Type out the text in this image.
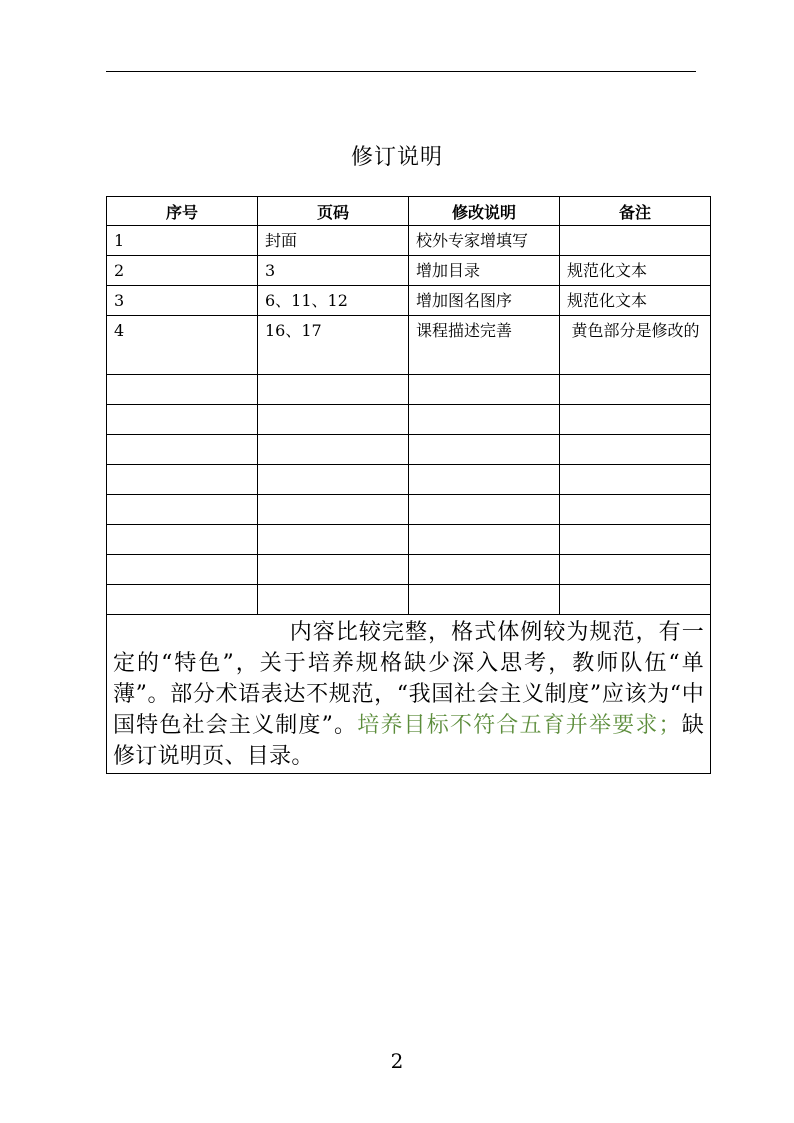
修订说明
序号	页码	修改说明	备注

1	封面	校外专家增填写	

2	3	增加目录	规范化文本

3	6、11、12	增加图名图序	规范化文本

4	16、17	课程描述完善	黄色部分是修改的

内容比较完整，格式体例较为规范，有一定的“特色”，关于培养规格缺少深入思考，教师队伍“单薄”。部分术语表达不规范，“我国社会主义制度”应该为“中国特色社会主义制度”。培养目标不符合五育并举要求；缺修订说明页、目录。			
2
